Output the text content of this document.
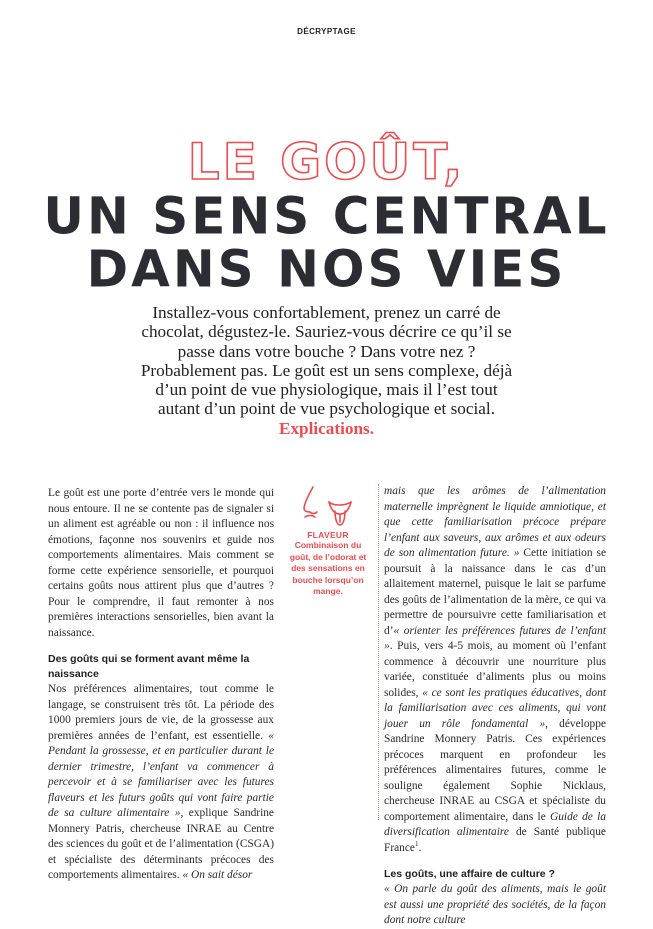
DÉCRYPTAGE
LE GOÛT,
UN SENS CENTRAL
DANS NOS VIES
Installez-vous confortablement, prenez un carré de chocolat, dégustez-le. Sauriez-vous décrire ce qu’il se passe dans votre bouche ? Dans votre nez ? Probablement pas. Le goût est un sens complexe, déjà d’un point de vue physiologique, mais il l’est tout autant d’un point de vue psychologique et social. Explications.

Le goût est une porte d’entrée vers le monde qui nous entoure. Il ne se contente pas de signaler si un aliment est agréable ou non : il influence nos émotions, façonne nos souvenirs et guide nos comportements alimentaires. Mais comment se forme cette expérience sensorielle, et pourquoi certains goûts nous attirent plus que d’autres ? Pour le comprendre, il faut remonter à nos premières interactions sensorielles, bien avant la naissance.

Des goûts qui se forment avant même la naissance

Nos préférences alimentaires, tout comme le langage, se construisent très tôt. La période des 1000 premiers jours de vie, de la grossesse aux premières années de l’enfant, est essentielle. « Pendant la grossesse, et en particulier durant le dernier trimestre, l’enfant va commencer à percevoir et à se familiariser avec les futures flaveurs et les futurs goûts qui vont faire partie de sa culture alimentaire », explique Sandrine Monnery Patris, chercheuse INRAE au Centre des sciences du goût et de l’alimentation (CSGA) et spécialiste des déterminants précoces des comportements alimentaires. « On sait désor

FLAVEUR
Combinaison du goût, de l’odorat et des sensations en bouche lorsqu’on mange.

mais que les arômes de l’alimentation maternelle imprègnent le liquide amniotique, et que cette familiarisation précoce prépare l’enfant aux saveurs, aux arômes et aux odeurs de son alimentation future. » Cette initiation se poursuit à la naissance dans le cas d’un allaitement maternel, puisque le lait se parfume des goûts de l’alimentation de la mère, ce qui va permettre de poursuivre cette familiarisation et d’« orienter les préférences futures de l’enfant ». Puis, vers 4-5 mois, au moment où l’enfant commence à découvrir une nourriture plus variée, constituée d’aliments plus ou moins solides, « ce sont les pratiques éducatives, dont la familiarisation avec ces aliments, qui vont jouer un rôle fondamental », développe Sandrine Monnery Patris. Ces expériences précoces marquent en profondeur les préférences alimentaires futures, comme le souligne également Sophie Nicklaus, chercheuse INRAE au CSGA et spécialiste du comportement alimentaire, dans le Guide de la diversification alimentaire de Santé publique France$^1$.

Les goûts, une affaire de culture ?

« On parle du goût des aliments, mais le goût est aussi une propriété des sociétés, de la façon dont notre culture
